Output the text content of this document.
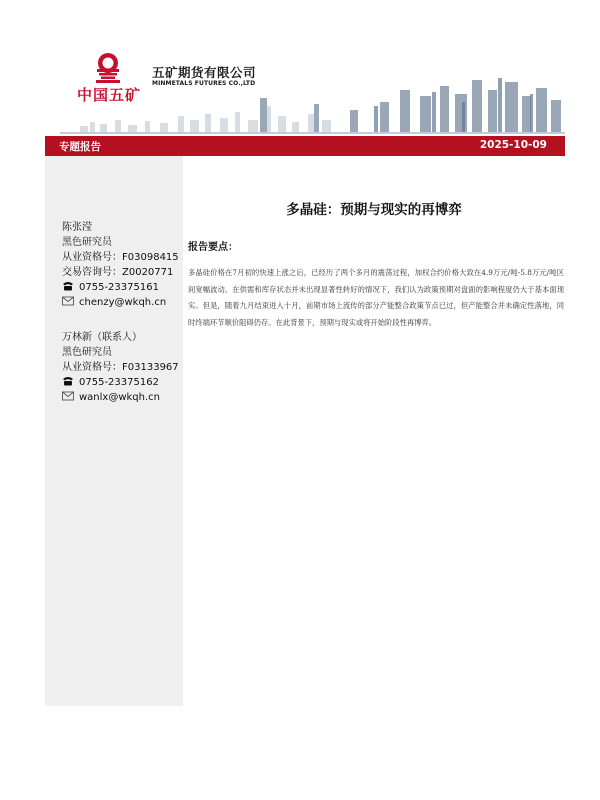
中国五矿
五矿期货有限公司
MINMETALS FUTURES CO.,LTD
专题报告	2025-10-09
陈张滢
黑色研究员
从业资格号：F03098415
交易咨询号：Z0020771
0755-23375161
chenzy@wkqh.cn
万林新（联系人）
黑色研究员
从业资格号：F03133967
0755-23375162
wanlx@wkqh.cn
多晶硅：预期与现实的再博弈
报告要点：
多晶硅价格在7月初的快速上涨之后，已经历了两个多月的震荡过程，加权合约价格大致在4.9万元/吨-5.8万元/吨区间宽幅波动。在供需和库存状态并未出现显著性转好的情况下，我们认为政策预期对盘面的影响程度仍大于基本面现实。但是，随着九月结束进入十月，前期市场上流传的部分产能整合政策节点已过，但产能整合并未确定性落地，同时终端环节顺价阻碍仍存。在此背景下，预期与现实或将开始阶段性再博弈。
